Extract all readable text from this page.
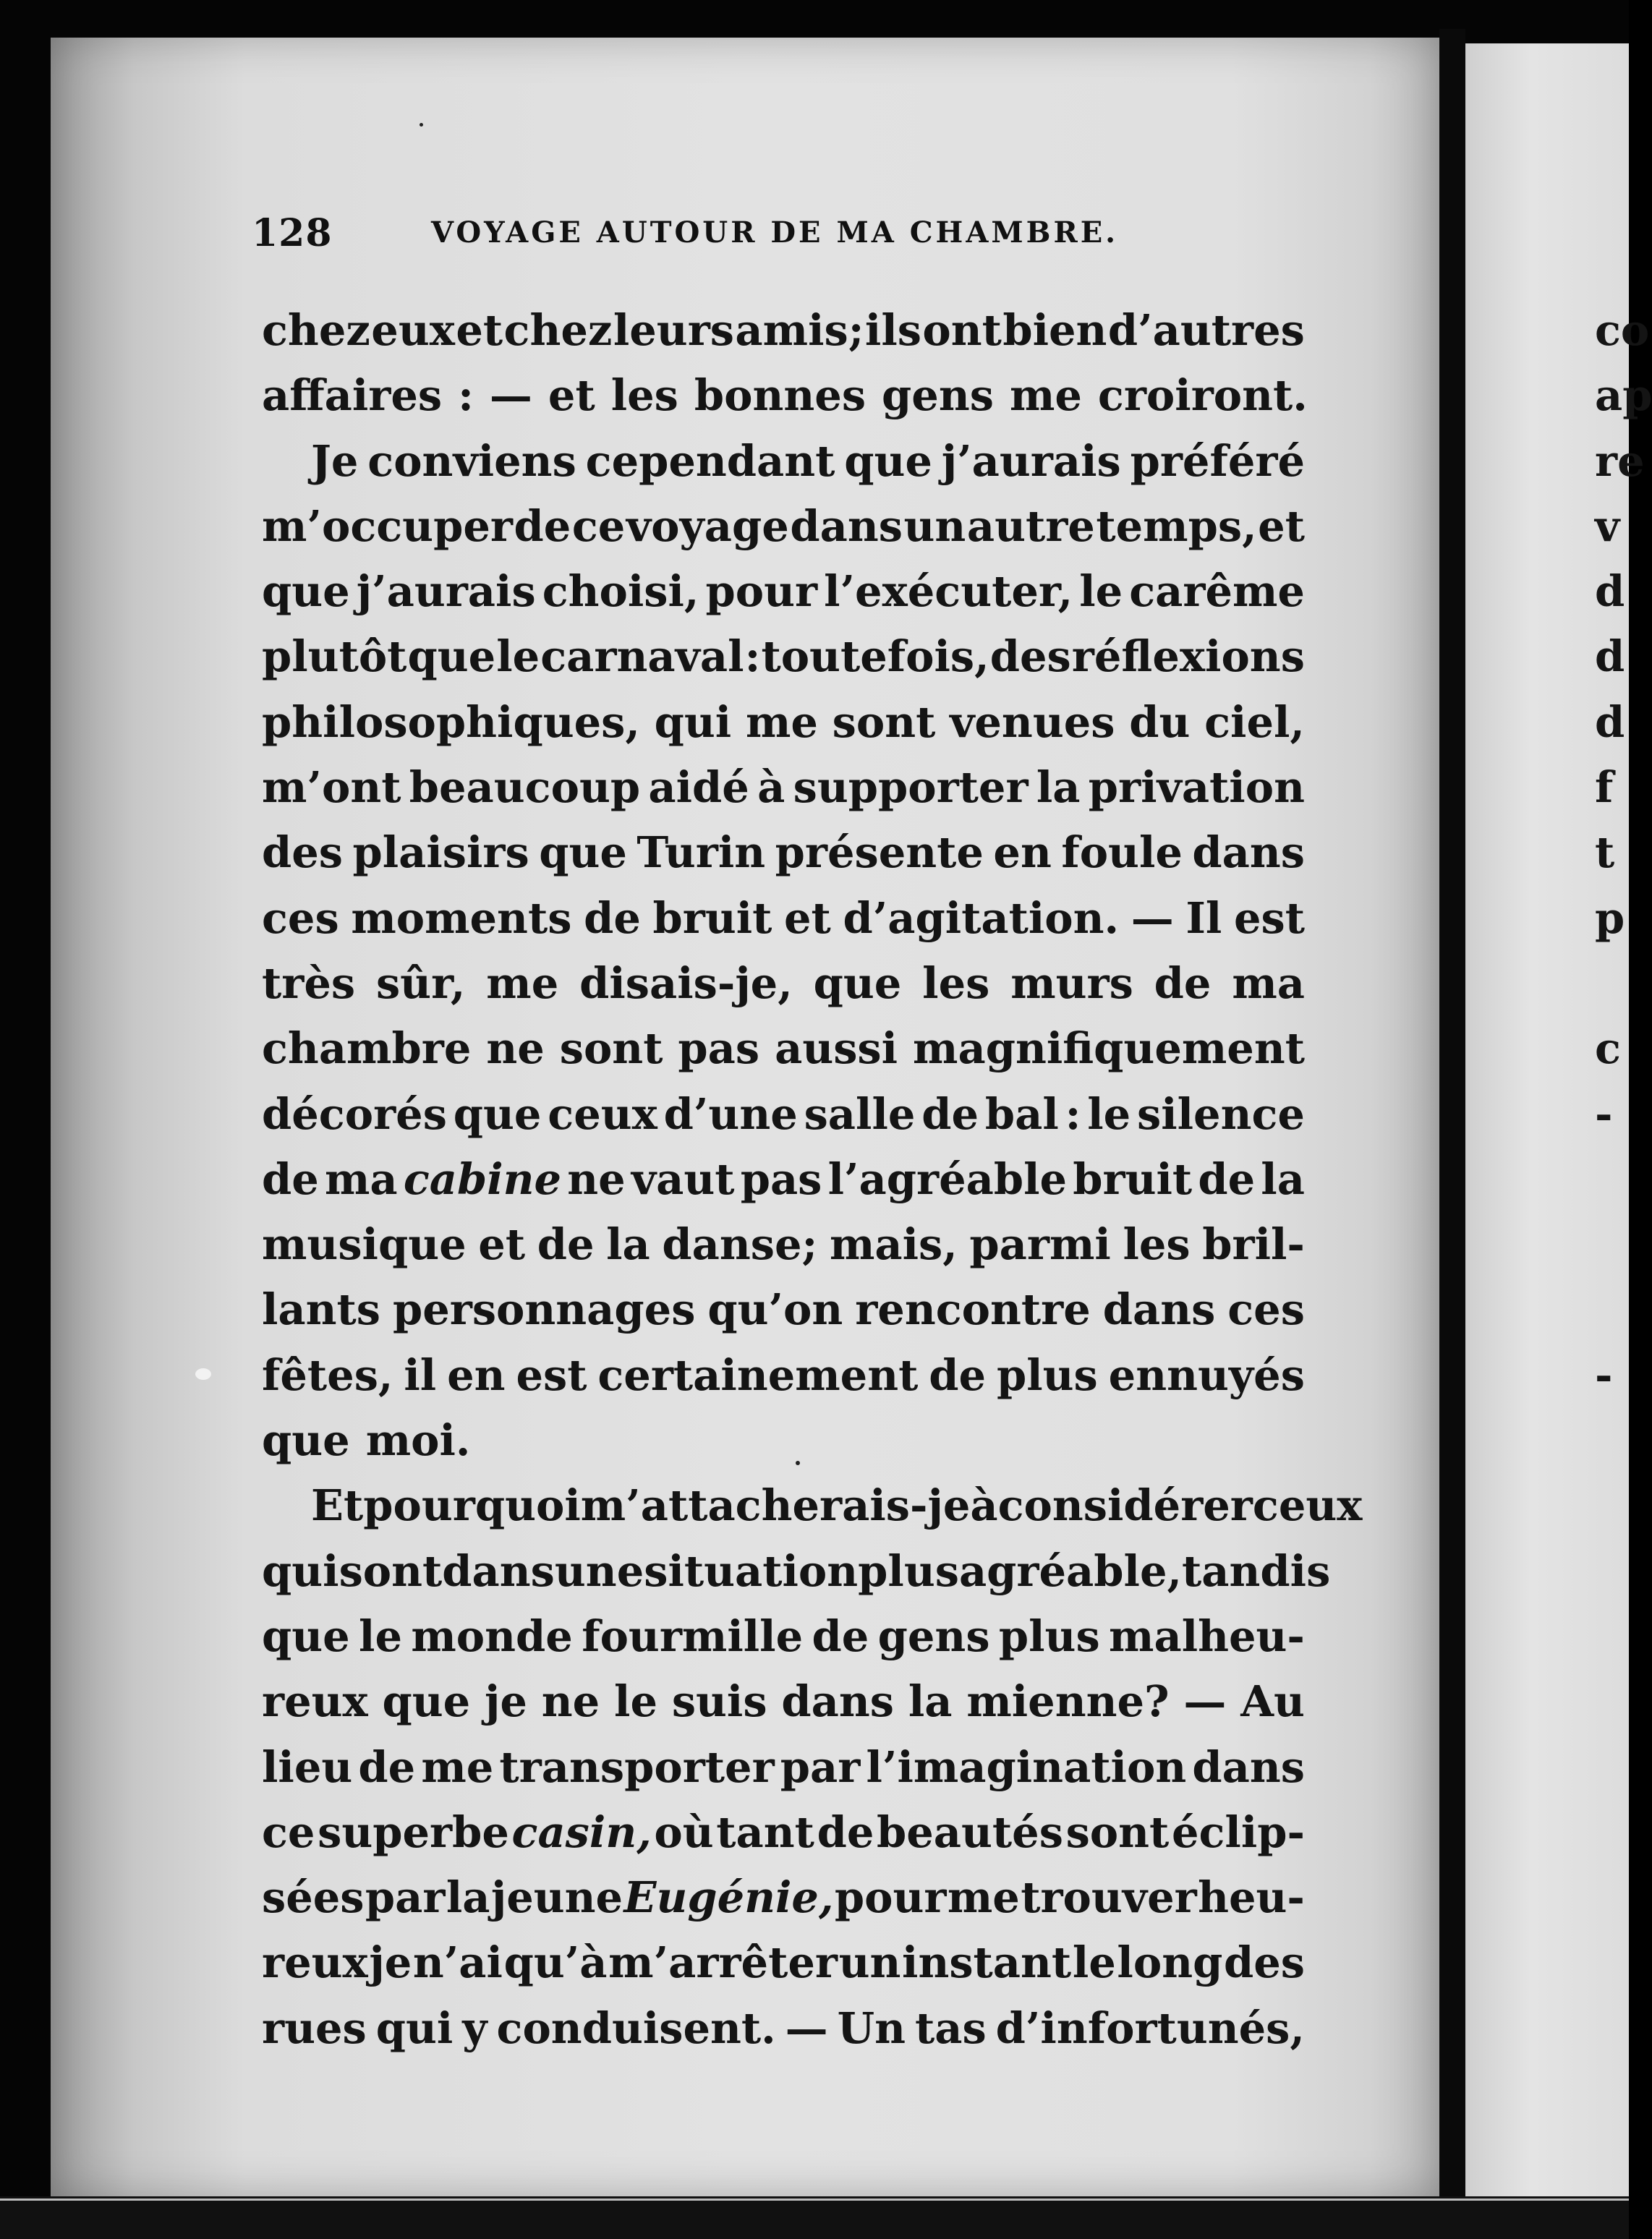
128	VOYAGE AUTOUR DE MA CHAMBRE.
chez eux et chez leurs amis; ils ont bien d’autres
affaires : — et les bonnes gens me croiront.
Je conviens cependant que j’aurais préféré
m’occuper de ce voyage dans un autre temps, et
que j’aurais choisi, pour l’exécuter, le carême
plutôt que le carnaval : toutefois, des réflexions
philosophiques, qui me sont venues du ciel,
m’ont beaucoup aidé à supporter la privation
des plaisirs que Turin présente en foule dans
ces moments de bruit et d’agitation. — Il est
très sûr, me disais-je, que les murs de ma
chambre ne sont pas aussi magnifiquement
décorés que ceux d’une salle de bal : le silence
de ma cabine ne vaut pas l’agréable bruit de la
musique et de la danse; mais, parmi les bril-
lants personnages qu’on rencontre dans ces
fêtes, il en est certainement de plus ennuyés
que moi.
Et pourquoi m’attacherais-je à considérer ceux
qui sont dans une situation plus agréable, tandis
que le monde fourmille de gens plus malheu-
reux que je ne le suis dans la mienne? — Au
lieu de me transporter par l’imagination dans
ce superbe casin, où tant de beautés sont éclip-
sées par la jeune Eugénie, pour me trouver heu-
reux je n’ai qu’à m’arrêter un instant le long des
rues qui y conduisent. — Un tas d’infortunés,
co
ap
re
v
d
d
d
f
t
p
c
-
-
